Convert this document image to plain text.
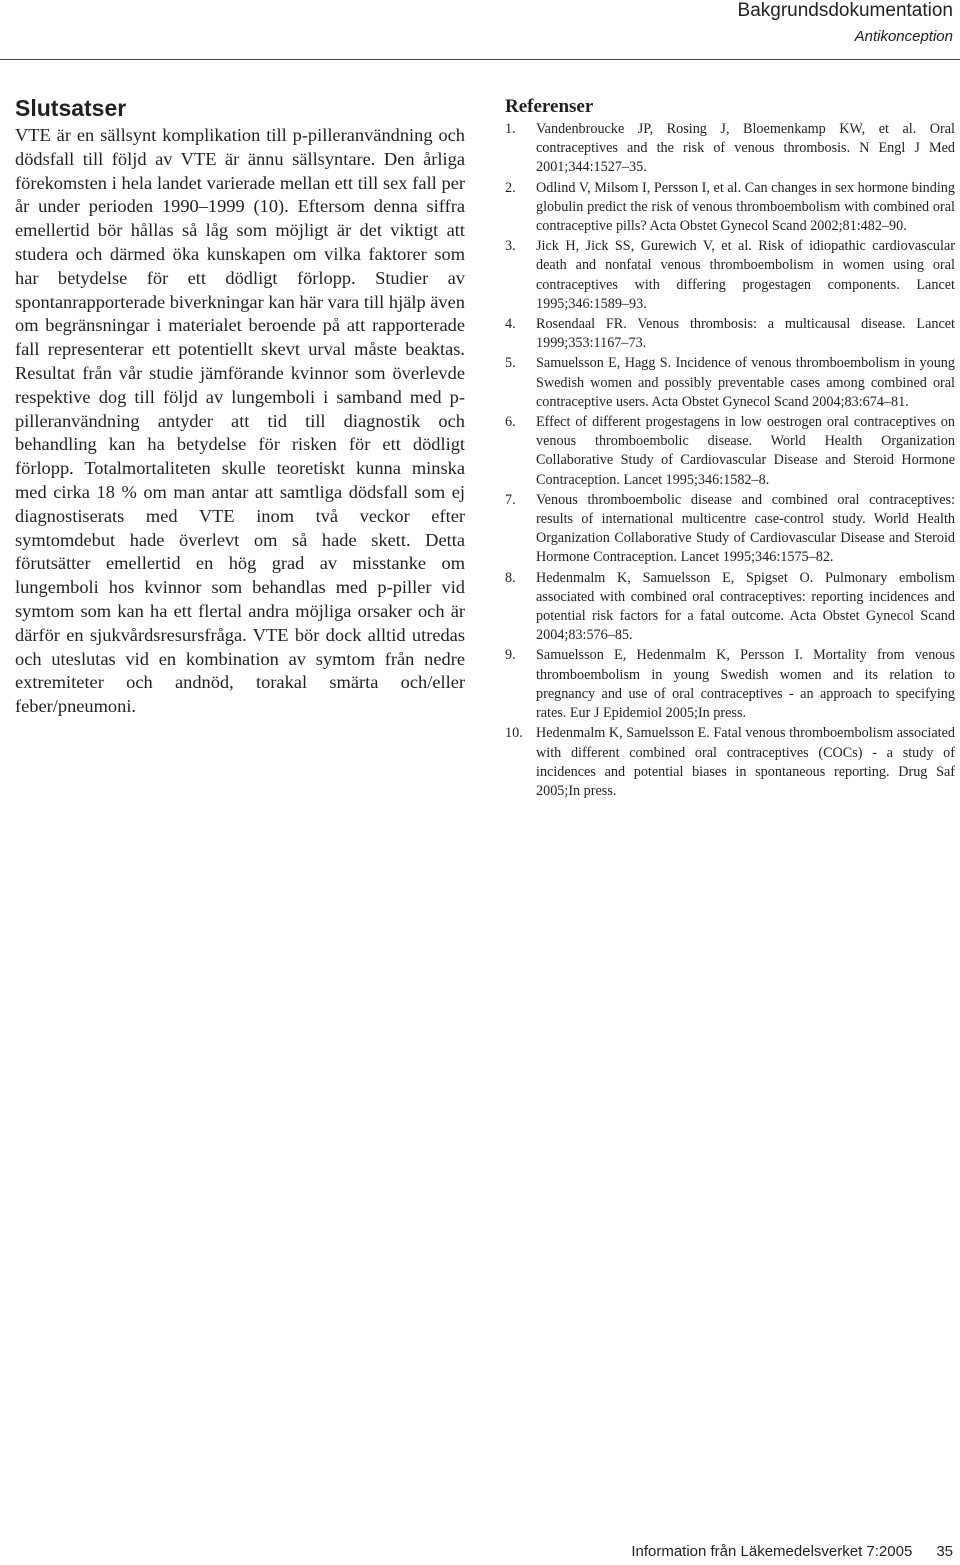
Bakgrundsdokumentation
Antikonception
Slutsatser

VTE är en sällsynt komplikation till p-pilleranvändning och dödsfall till följd av VTE är ännu sällsyntare. Den årliga förekomsten i hela landet varierade mellan ett till sex fall per år under perioden 1990–1999 (10). Eftersom denna siffra emellertid bör hållas så låg som möjligt är det viktigt att studera och därmed öka kunskapen om vilka faktorer som har betydelse för ett dödligt förlopp. Studier av spontanrapporterade biverkningar kan här vara till hjälp även om begränsningar i materialet beroende på att rapporterade fall representerar ett potentiellt skevt urval måste beaktas. Resultat från vår studie jämförande kvinnor som överlevde respektive dog till följd av lungemboli i samband med p-pilleranvändning antyder att tid till diagnostik och behandling kan ha betydelse för risken för ett dödligt förlopp. Totalmortaliteten skulle teoretiskt kunna minska med cirka 18 % om man antar att samtliga dödsfall som ej diagnostiserats med VTE inom två veckor efter symtomdebut hade överlevt om så hade skett. Detta förutsätter emellertid en hög grad av misstanke om lungemboli hos kvinnor som behandlas med p-piller vid symtom som kan ha ett flertal andra möjliga orsaker och är därför en sjukvårdsresursfråga. VTE bör dock alltid utredas och uteslutas vid en kombination av symtom från nedre extremiteter och andnöd, torakal smärta och/eller feber/pneumoni.

Referenser
1. Vandenbroucke JP, Rosing J, Bloemenkamp KW, et al. Oral contraceptives and the risk of venous thrombosis. N Engl J Med 2001;344:1527–35.
2. Odlind V, Milsom I, Persson I, et al. Can changes in sex hormone binding globulin predict the risk of venous thromboembolism with combined oral contraceptive pills? Acta Obstet Gynecol Scand 2002;81:482–90.
3. Jick H, Jick SS, Gurewich V, et al. Risk of idiopathic cardiovascular death and nonfatal venous thromboembolism in women using oral contraceptives with differing progestagen components. Lancet 1995;346:1589–93.
4. Rosendaal FR. Venous thrombosis: a multicausal disease. Lancet 1999;353:1167–73.
5. Samuelsson E, Hagg S. Incidence of venous thromboembolism in young Swedish women and possibly preventable cases among combined oral contraceptive users. Acta Obstet Gynecol Scand 2004;83:674–81.
6. Effect of different progestagens in low oestrogen oral contraceptives on venous thromboembolic disease. World Health Organization Collaborative Study of Cardiovascular Disease and Steroid Hormone Contraception. Lancet 1995;346:1582–8.
7. Venous thromboembolic disease and combined oral contraceptives: results of international multicentre case-control study. World Health Organization Collaborative Study of Cardiovascular Disease and Steroid Hormone Contraception. Lancet 1995;346:1575–82.
8. Hedenmalm K, Samuelsson E, Spigset O. Pulmonary embolism associated with combined oral contraceptives: reporting incidences and potential risk factors for a fatal outcome. Acta Obstet Gynecol Scand 2004;83:576–85.
9. Samuelsson E, Hedenmalm K, Persson I. Mortality from venous thromboembolism in young Swedish women and its relation to pregnancy and use of oral contraceptives - an approach to specifying rates. Eur J Epidemiol 2005;In press.
10. Hedenmalm K, Samuelsson E. Fatal venous thromboembolism associated with different combined oral contraceptives (COCs) - a study of incidences and potential biases in spontaneous reporting. Drug Saf 2005;In press.
Information från Läkemedelsverket 7:2005 35
